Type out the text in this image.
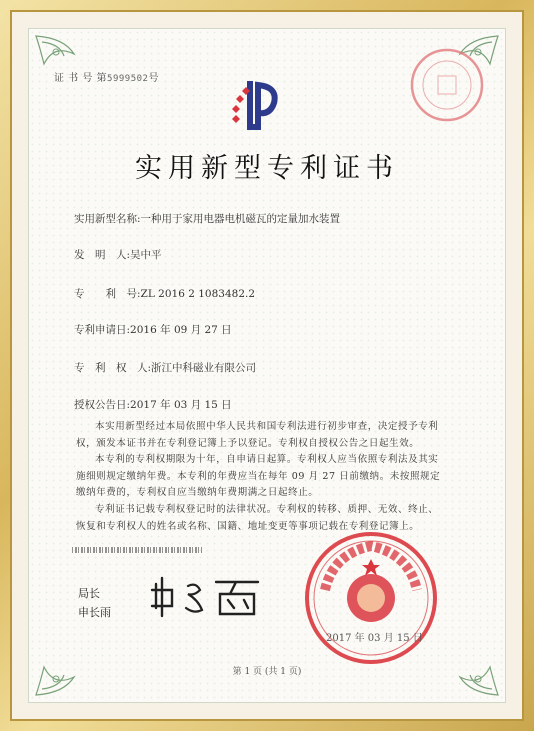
证 书 号 第5999502号
实用新型专利证书
实用新型名称:一种用于家用电器电机磁瓦的定量加水装置
发　明　人:吴中平
专　　利　号:ZL 2016 2 1083482.2
专利申请日:2016 年 09 月 27 日
专　利　权　人:浙江中科磁业有限公司
授权公告日:2017 年 03 月 15 日
本实用新型经过本局依照中华人民共和国专利法进行初步审查，决定授予专利权，颁发本证书并在专利登记簿上予以登记。专利权自授权公告之日起生效。
本专利的专利权期限为十年，自申请日起算。专利权人应当依照专利法及其实施细则规定缴纳年费。本专利的年费应当在每年 09 月 27 日前缴纳。未按照规定缴纳年费的，专利权自应当缴纳年费期满之日起终止。
专利证书记载专利权登记时的法律状况。专利权的转移、质押、无效、终止、恢复和专利权人的姓名或名称、国籍、地址变更等事项记载在专利登记簿上。
局长
申长雨
2017 年 03 月 15 日
第 1 页 (共 1 页)
